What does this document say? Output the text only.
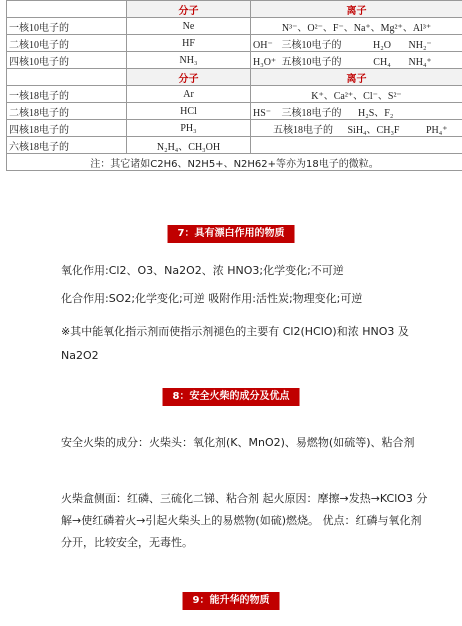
	分子	离子
一核10电子的	Ne	N³⁻、O²⁻、F⁻、Na⁺、Mg²⁺、Al³⁺
二核10电子的	HF	OH⁻ 三核10电子的 H₂O NH₂⁻
四核10电子的	NH₃	H₃O⁺ 五核10电子的 CH₄ NH₄⁺
	分子	离子
一核18电子的	Ar	K⁺、Ca²⁺、Cl⁻、S²⁻
二核18电子的	HCl	HS⁻ 三核18电子的 H₂S、F₂
四核18电子的	PH₃	五核18电子的 SiH₄、CH₃F PH₄⁺
六核18电子的	N₂H₄、CH₃OH	
注：其它诸如C2H6、N2H5+、N2H62+等亦为18电子的微粒。		
7：具有漂白作用的物质
氧化作用:Cl2、O3、Na2O2、浓 HNO3;化学变化;不可逆
化合作用:SO2;化学变化;可逆 吸附作用:活性炭;物理变化;可逆
※其中能氧化指示剂而使指示剂褪色的主要有 Cl2(HClO)和浓 HNO3 及 Na2O2
8：安全火柴的成分及优点
安全火柴的成分：火柴头：氧化剂(K、MnO2)、易燃物(如硫等)、粘合剂
火柴盒侧面：红磷、三硫化二锑、粘合剂 起火原因：摩擦→发热→KClO3 分解→使红磷着火→引起火柴头上的易燃物(如硫)燃烧。 优点：红磷与氧化剂分开，比较安全，无毒性。
9：能升华的物质
